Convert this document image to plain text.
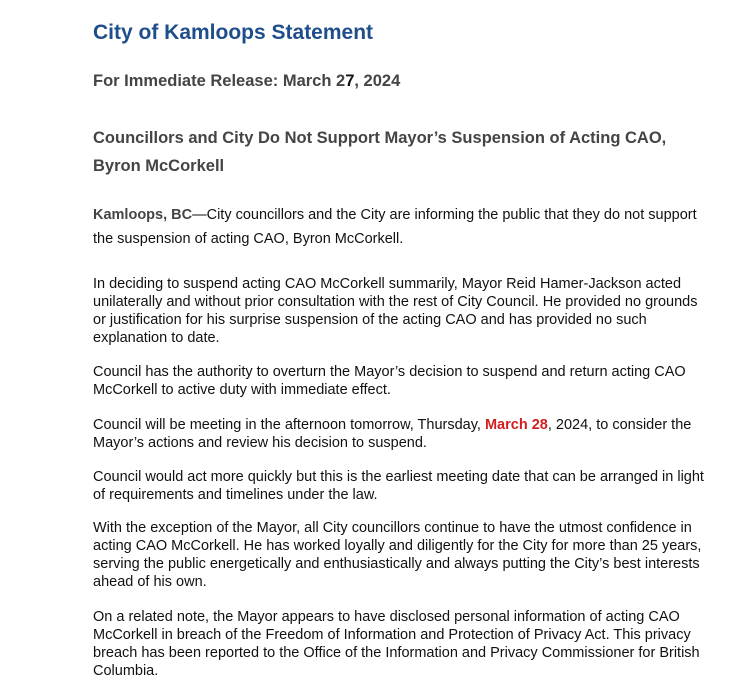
City of Kamloops Statement
For Immediate Release: March 27, 2024
Councillors and City Do Not Support Mayor’s Suspension of Acting CAO, Byron McCorkell

Kamloops, BC—City councillors and the City are informing the public that they do not support the suspension of acting CAO, Byron McCorkell.

In deciding to suspend acting CAO McCorkell summarily, Mayor Reid Hamer-Jackson acted unilaterally and without prior consultation with the rest of City Council. He provided no grounds or justification for his surprise suspension of the acting CAO and has provided no such explanation to date.

Council has the authority to overturn the Mayor’s decision to suspend and return acting CAO McCorkell to active duty with immediate effect.

Council will be meeting in the afternoon tomorrow, Thursday, March 28, 2024, to consider the Mayor’s actions and review his decision to suspend.

Council would act more quickly but this is the earliest meeting date that can be arranged in light of requirements and timelines under the law.

With the exception of the Mayor, all City councillors continue to have the utmost confidence in acting CAO McCorkell. He has worked loyally and diligently for the City for more than 25 years, serving the public energetically and enthusiastically and always putting the City’s best interests ahead of his own.

On a related note, the Mayor appears to have disclosed personal information of acting CAO McCorkell in breach of the Freedom of Information and Protection of Privacy Act. This privacy breach has been reported to the Office of the Information and Privacy Commissioner for British Columbia.
